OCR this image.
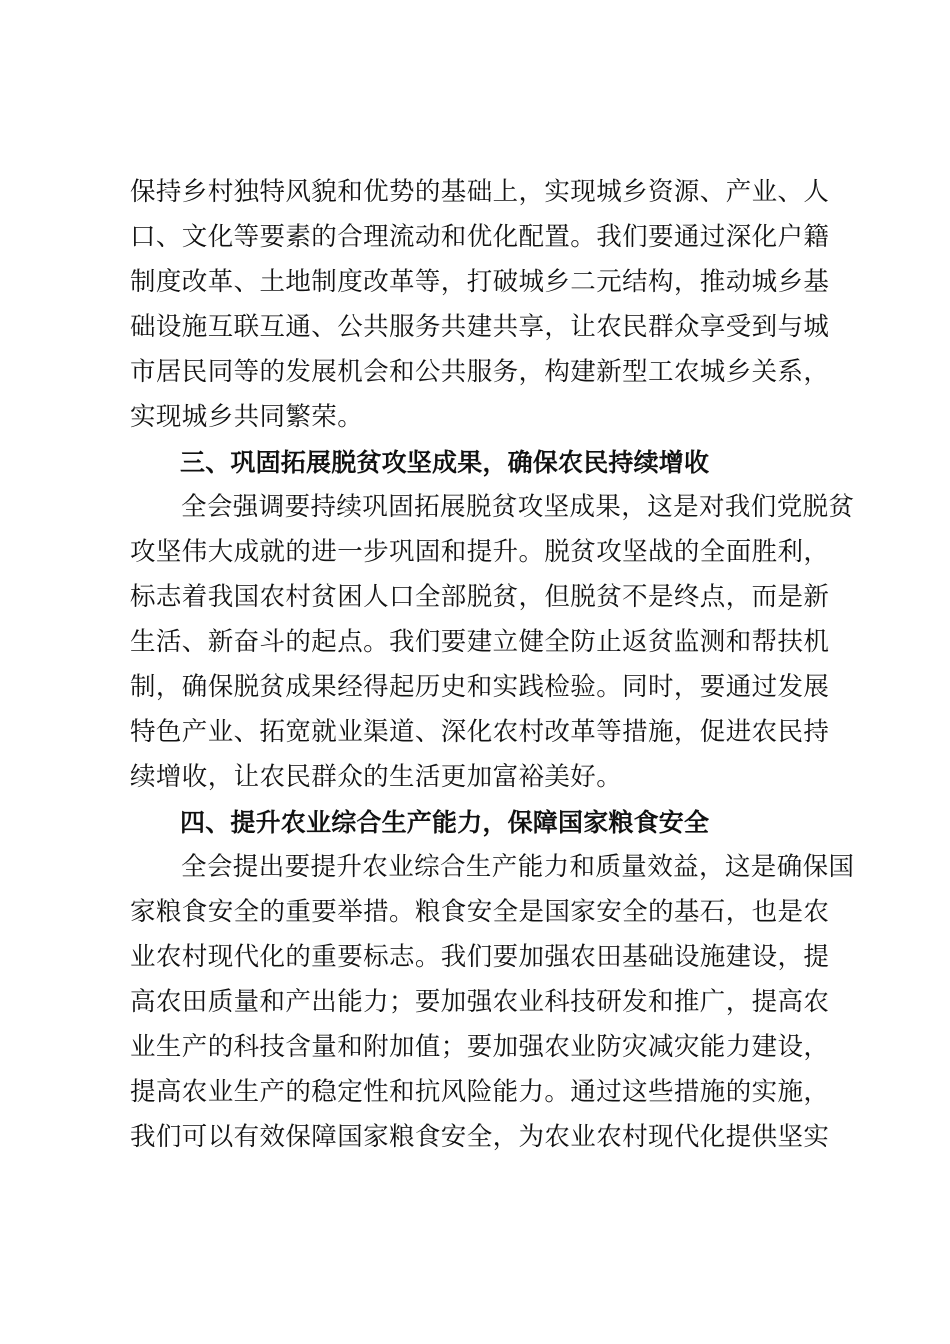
保持乡村独特风貌和优势的基础上，实现城乡资源、产业、人
口、文化等要素的合理流动和优化配置。我们要通过深化户籍
制度改革、土地制度改革等，打破城乡二元结构，推动城乡基
础设施互联互通、公共服务共建共享，让农民群众享受到与城
市居民同等的发展机会和公共服务，构建新型工农城乡关系，
实现城乡共同繁荣。
三、巩固拓展脱贫攻坚成果，确保农民持续增收
全会强调要持续巩固拓展脱贫攻坚成果，这是对我们党脱贫
攻坚伟大成就的进一步巩固和提升。脱贫攻坚战的全面胜利，
标志着我国农村贫困人口全部脱贫，但脱贫不是终点，而是新
生活、新奋斗的起点。我们要建立健全防止返贫监测和帮扶机
制，确保脱贫成果经得起历史和实践检验。同时，要通过发展
特色产业、拓宽就业渠道、深化农村改革等措施，促进农民持
续增收，让农民群众的生活更加富裕美好。
四、提升农业综合生产能力，保障国家粮食安全
全会提出要提升农业综合生产能力和质量效益，这是确保国
家粮食安全的重要举措。粮食安全是国家安全的基石，也是农
业农村现代化的重要标志。我们要加强农田基础设施建设，提
高农田质量和产出能力；要加强农业科技研发和推广，提高农
业生产的科技含量和附加值；要加强农业防灾减灾能力建设，
提高农业生产的稳定性和抗风险能力。通过这些措施的实施，
我们可以有效保障国家粮食安全，为农业农村现代化提供坚实
